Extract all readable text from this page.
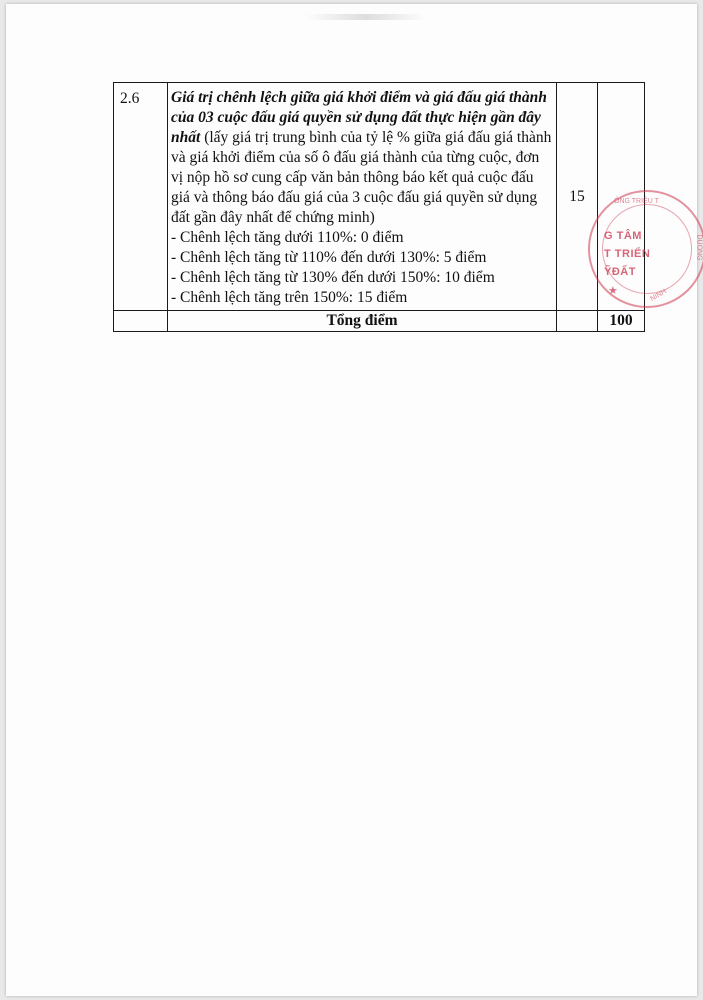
2.6	Giá trị chênh lệch giữa giá khởi điểm và giá đấu giá thành của 03 cuộc đấu giá quyền sử dụng đất thực hiện gần đây nhất (lấy giá trị trung bình của tỷ lệ % giữa giá đấu giá thành và giá khởi điểm của số ô đấu giá thành của từng cuộc, đơn vị nộp hồ sơ cung cấp văn bản thông báo kết quả cuộc đấu giá và thông báo đấu giá của 3 cuộc đấu giá quyền sử dụng đất gần đây nhất để chứng minh)
- Chênh lệch tăng dưới 110%: 0 điểm
- Chênh lệch tăng từ 110% đến dưới 130%: 5 điểm
- Chênh lệch tăng từ 130% đến dưới 150%: 10 điểm
- Chênh lệch tăng trên 150%: 15 điểm	15	
	Tổng điểm		100
ÔNG TRIỆU T
DUONG
NINH
G TÂM
T TRIỂN
ỸĐẤT
★
